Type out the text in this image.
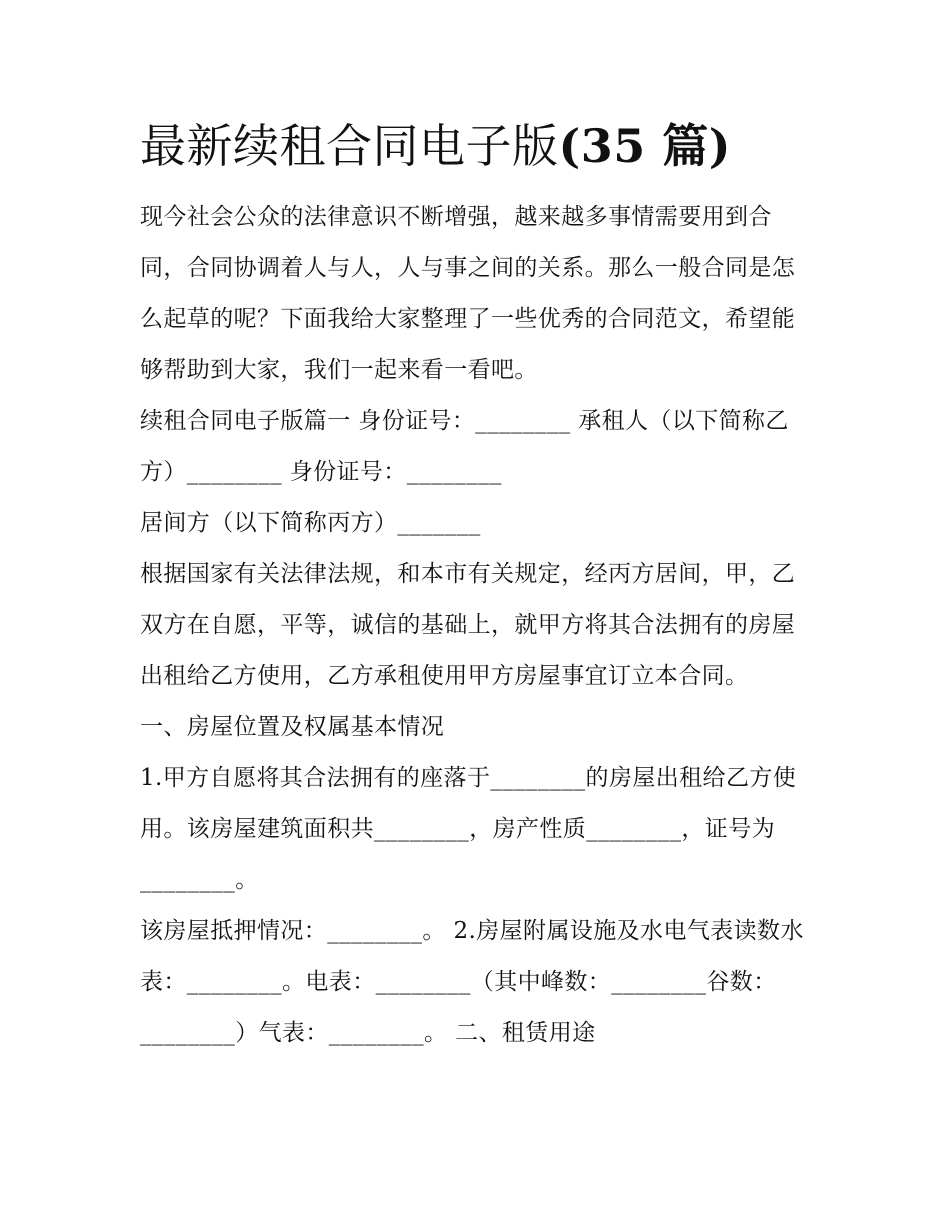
最新续租合同电子版(35 篇)

现今社会公众的法律意识不断增强，越来越多事情需要用到合同，合同协调着人与人，人与事之间的关系。那么一般合同是怎么起草的呢？下面我给大家整理了一些优秀的合同范文，希望能够帮助到大家，我们一起来看一看吧。

续租合同电子版篇一 身份证号：________ 承租人（以下简称乙方）________ 身份证号：________

居间方（以下简称丙方）_______

根据国家有关法律法规，和本市有关规定，经丙方居间，甲，乙双方在自愿，平等，诚信的基础上，就甲方将其合法拥有的房屋出租给乙方使用，乙方承租使用甲方房屋事宜订立本合同。

一、房屋位置及权属基本情况

1.甲方自愿将其合法拥有的座落于________的房屋出租给乙方使用。该房屋建筑面积共________，房产性质________，证号为________。

该房屋抵押情况：________。 2.房屋附属设施及水电气表读数水表：________。电表：________（其中峰数：________谷数：________）气表：________。 二、租赁用途
